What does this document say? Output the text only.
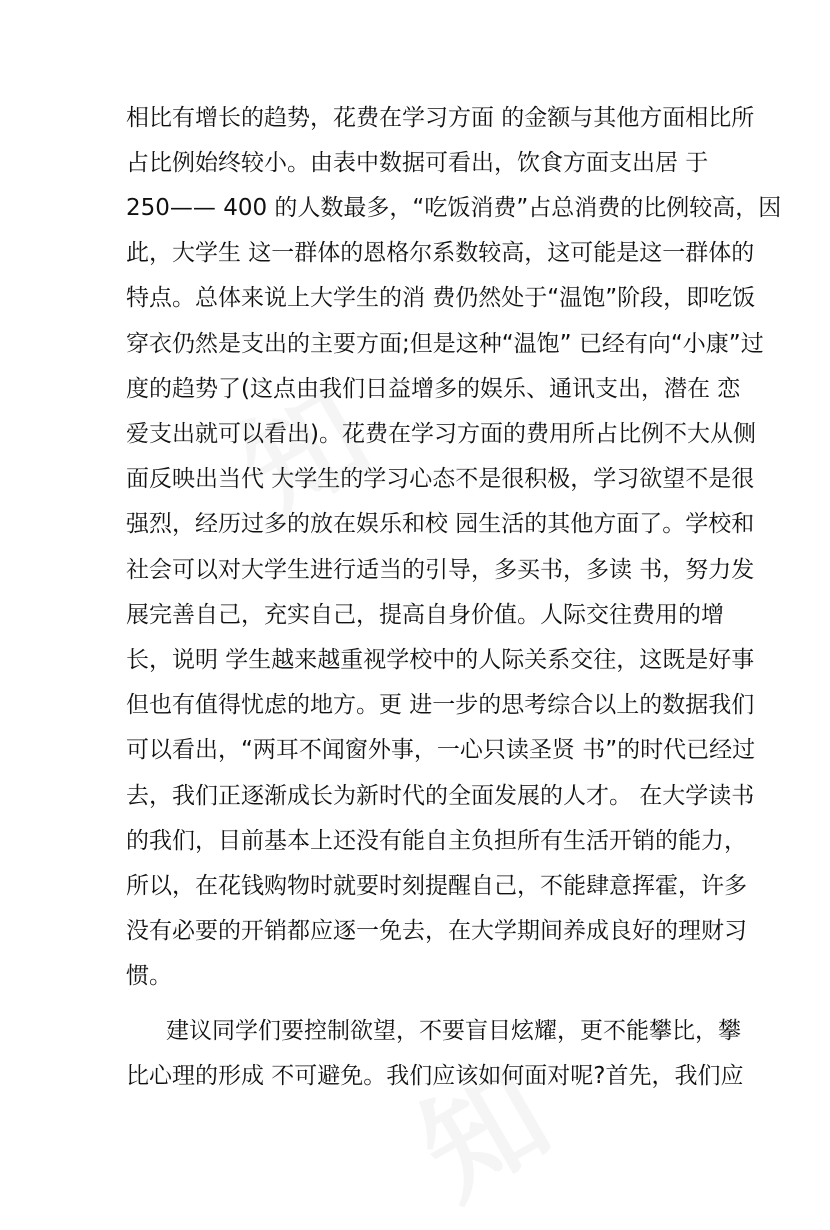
知
知
相比有增长的趋势，花费在学习方面 的金额与其他方面相比所
占比例始终较小。由表中数据可看出，饮食方面支出居 于
250—— 400 的人数最多，“吃饭消费”占总消费的比例较高，因
此，大学生 这一群体的恩格尔系数较高，这可能是这一群体的
特点。总体来说上大学生的消 费仍然处于“温饱”阶段，即吃饭
穿衣仍然是支出的主要方面;但是这种“温饱” 已经有向“小康”过
度的趋势了(这点由我们日益增多的娱乐、通讯支出，潜在 恋
爱支出就可以看出)。花费在学习方面的费用所占比例不大从侧
面反映出当代 大学生的学习心态不是很积极，学习欲望不是很
强烈，经历过多的放在娱乐和校 园生活的其他方面了。学校和
社会可以对大学生进行适当的引导，多买书，多读 书，努力发
展完善自己，充实自己，提高自身价值。人际交往费用的增
长，说明 学生越来越重视学校中的人际关系交往，这既是好事
但也有值得忧虑的地方。更 进一步的思考综合以上的数据我们
可以看出，“两耳不闻窗外事，一心只读圣贤 书”的时代已经过
去，我们正逐渐成长为新时代的全面发展的人才。 在大学读书
的我们，目前基本上还没有能自主负担所有生活开销的能力，
所以，在花钱购物时就要时刻提醒自己，不能肆意挥霍，许多
没有必要的开销都应逐一免去，在大学期间养成良好的理财习
惯。
建议同学们要控制欲望，不要盲目炫耀，更不能攀比，攀
比心理的形成 不可避免。我们应该如何面对呢?首先，我们应
